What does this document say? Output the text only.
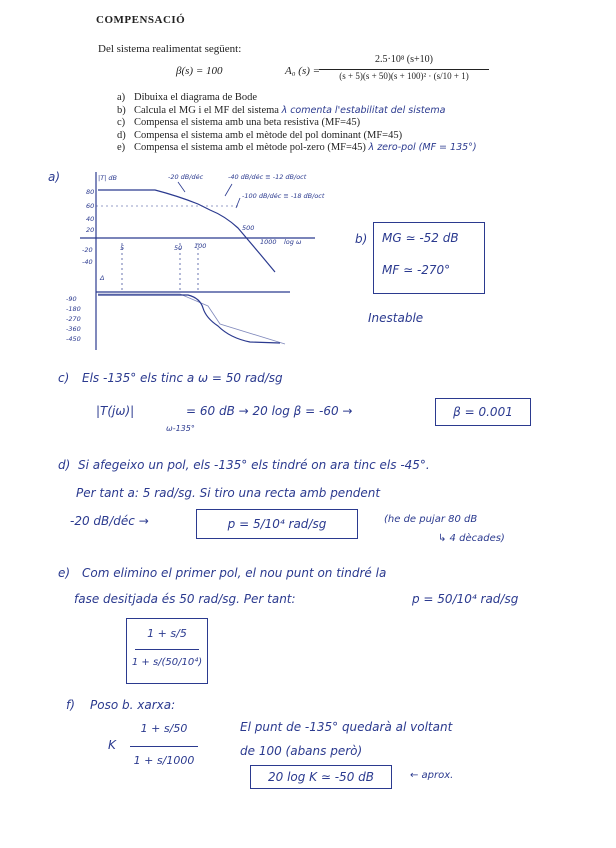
COMPENSACIÓ
Del sistema realimentat següent:
β(s) = 100	A₀ (s) =
2.5·10⁸ (s+10)
(s + 5)(s + 50)(s + 100)² · (s/10 + 1)
a) Dibuixa el diagrama de Bode
b) Calcula el MG i el MF del sistema λ comenta l'estabilitat del sistema
c) Compensa el sistema amb una beta resistiva (MF=45)
d) Compensa el sistema amb el mètode del pol dominant (MF=45)
e) Compensa el sistema amb el mètode pol-zero (MF=45) λ zero-pol (MF = 135°)
a)	|T| dB
log ω
Δ
80
60
40
20
-20
-40
5	50 100
500
1000
-90
-180
-270
-360
-450
-20 dB/déc	-40 dB/déc ≡ -12 dB/oct
-100 dB/déc ≡ -18 dB/oct
b) MG ≃ -52 dB
MF ≃ -270°
Inestable
c) Els -135° els tinc a ω = 50 rad/sg
|T(jω)|
ω-135°
= 60 dB → 20 log β = -60 →	β = 0.001
d) Si afegeixo un pol, els -135° els tindré on ara tinc els -45°.
Per tant a: 5 rad/sg. Si tiro una recta amb pendent
-20 dB/déc →	p = 5/10⁴ rad/sg	(he de pujar 80 dB
↳ 4 dècades)
e) Com elimino el primer pol, el nou punt on tindré la
fase desitjada és 50 rad/sg. Per tant:	p = 50/10⁴ rad/sg
1 + s/5
1 + s/(50/10⁴)
f) Poso b. xarxa:
K
1 + s/50
1 + s/1000
El punt de -135° quedarà al voltant
de 100 (abans però)
20 log K ≃ -50 dB	← aprox.
